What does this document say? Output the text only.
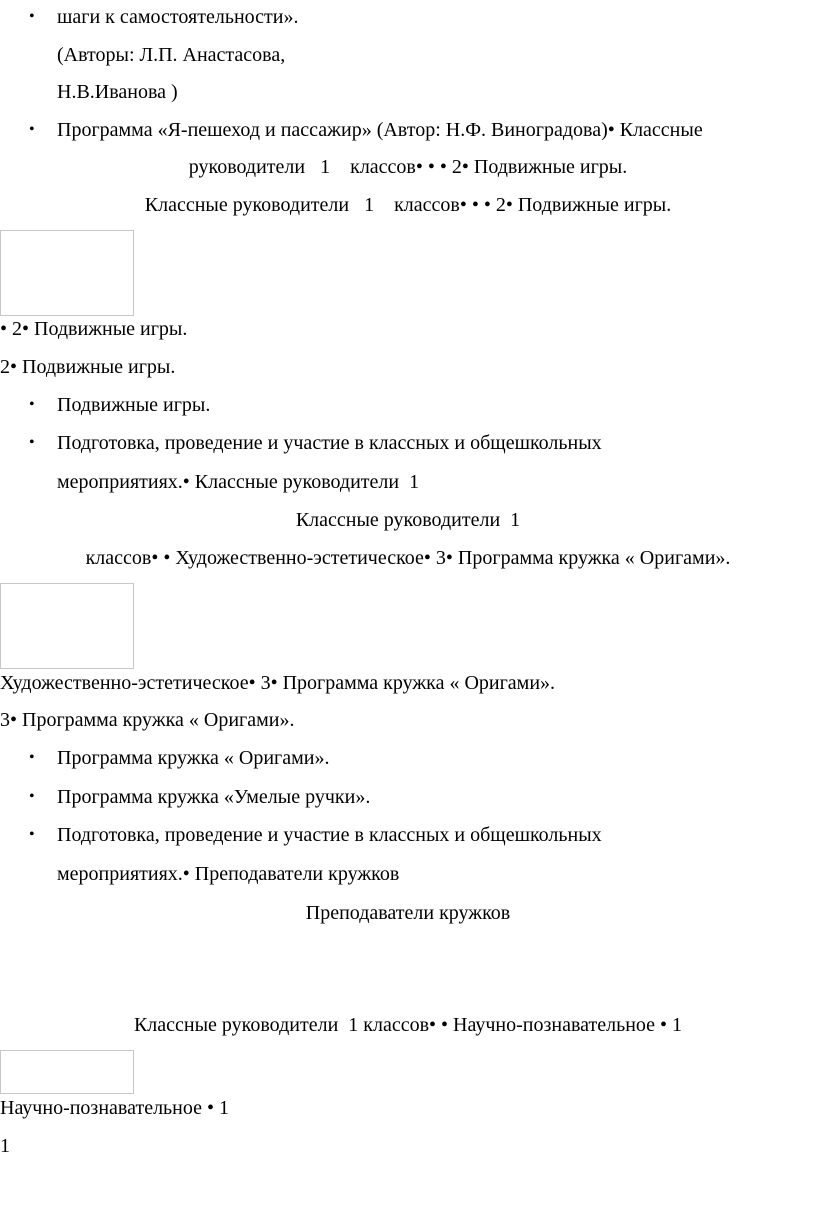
• шаги к самостоятельности».
(Авторы: Л.П. Анастасова,
Н.В.Иванова )
• Программа «Я-пешеход и пассажир» (Автор: Н.Ф. Виноградова)• Классные
руководители   1    классов• • • 2• Подвижные игры.
Классные руководители   1    классов• • • 2• Подвижные игры.
• 2• Подвижные игры.
2• Подвижные игры.
• Подвижные игры.
• Подготовка, проведение и участие в классных и общешкольных
мероприятиях.• Классные руководители  1
Классные руководители  1
классов• • Художественно-эстетическое• 3• Программа кружка « Оригами».
Художественно-эстетическое• 3• Программа кружка « Оригами».
3• Программа кружка « Оригами».
• Программа кружка « Оригами».
• Программа кружка «Умелые ручки».
• Подготовка, проведение и участие в классных и общешкольных
мероприятиях.• Преподаватели кружков
Преподаватели кружков
Классные руководители  1 классов• • Научно-познавательное • 1
Научно-познавательное • 1
1
